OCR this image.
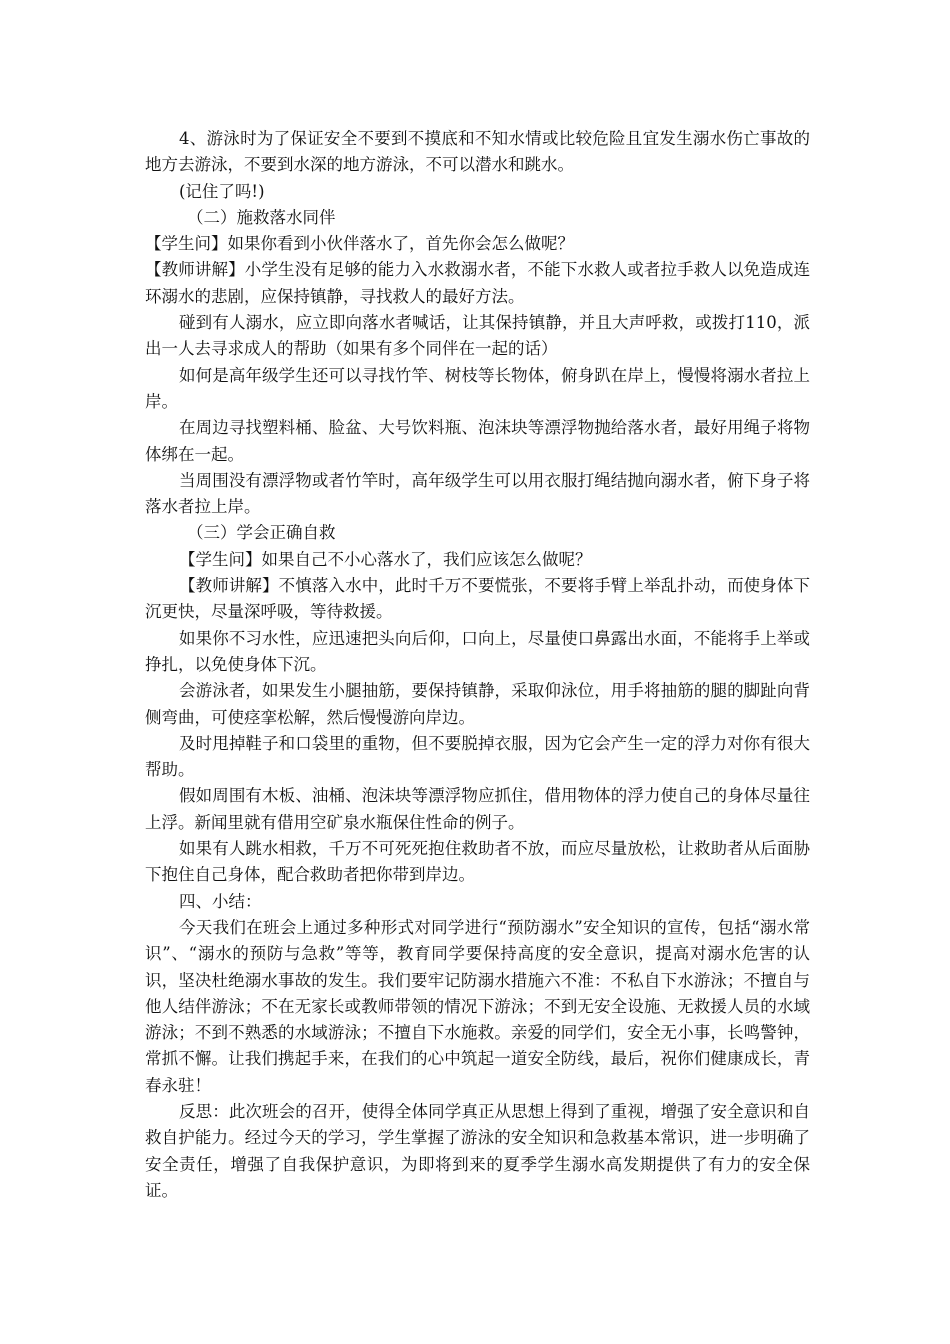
4、游泳时为了保证安全不要到不摸底和不知水情或比较危险且宜发生溺水伤亡事故的地方去游泳，不要到水深的地方游泳，不可以潜水和跳水。

(记住了吗!)

（二）施救落水同伴

【学生问】如果你看到小伙伴落水了，首先你会怎么做呢？

【教师讲解】小学生没有足够的能力入水救溺水者，不能下水救人或者拉手救人以免造成连环溺水的悲剧，应保持镇静，寻找救人的最好方法。

碰到有人溺水，应立即向落水者喊话，让其保持镇静，并且大声呼救，或拨打110，派出一人去寻求成人的帮助（如果有多个同伴在一起的话）

如何是高年级学生还可以寻找竹竿、树枝等长物体，俯身趴在岸上，慢慢将溺水者拉上岸。

在周边寻找塑料桶、脸盆、大号饮料瓶、泡沫块等漂浮物抛给落水者，最好用绳子将物体绑在一起。

当周围没有漂浮物或者竹竿时，高年级学生可以用衣服打绳结抛向溺水者，俯下身子将落水者拉上岸。

（三）学会正确自救

【学生问】如果自己不小心落水了，我们应该怎么做呢？

【教师讲解】不慎落入水中，此时千万不要慌张，不要将手臂上举乱扑动，而使身体下沉更快，尽量深呼吸，等待救援。

如果你不习水性，应迅速把头向后仰，口向上，尽量使口鼻露出水面，不能将手上举或挣扎，以免使身体下沉。

会游泳者，如果发生小腿抽筋，要保持镇静，采取仰泳位，用手将抽筋的腿的脚趾向背侧弯曲，可使痉挛松解，然后慢慢游向岸边。

及时甩掉鞋子和口袋里的重物，但不要脱掉衣服，因为它会产生一定的浮力对你有很大帮助。

假如周围有木板、油桶、泡沫块等漂浮物应抓住，借用物体的浮力使自己的身体尽量往上浮。新闻里就有借用空矿泉水瓶保住性命的例子。

如果有人跳水相救，千万不可死死抱住救助者不放，而应尽量放松，让救助者从后面胁下抱住自己身体，配合救助者把你带到岸边。

四、小结：

今天我们在班会上通过多种形式对同学进行“预防溺水”安全知识的宣传，包括“溺水常识”、“溺水的预防与急救”等等，教育同学要保持高度的安全意识，提高对溺水危害的认识，坚决杜绝溺水事故的发生。我们要牢记防溺水措施六不准：不私自下水游泳；不擅自与他人结伴游泳；不在无家长或教师带领的情况下游泳；不到无安全设施、无救援人员的水域游泳；不到不熟悉的水域游泳；不擅自下水施救。亲爱的同学们，安全无小事，长鸣警钟，常抓不懈。让我们携起手来，在我们的心中筑起一道安全防线，最后，祝你们健康成长，青春永驻！

反思：此次班会的召开，使得全体同学真正从思想上得到了重视，增强了安全意识和自救自护能力。经过今天的学习，学生掌握了游泳的安全知识和急救基本常识，进一步明确了安全责任，增强了自我保护意识，为即将到来的夏季学生溺水高发期提供了有力的安全保证。
